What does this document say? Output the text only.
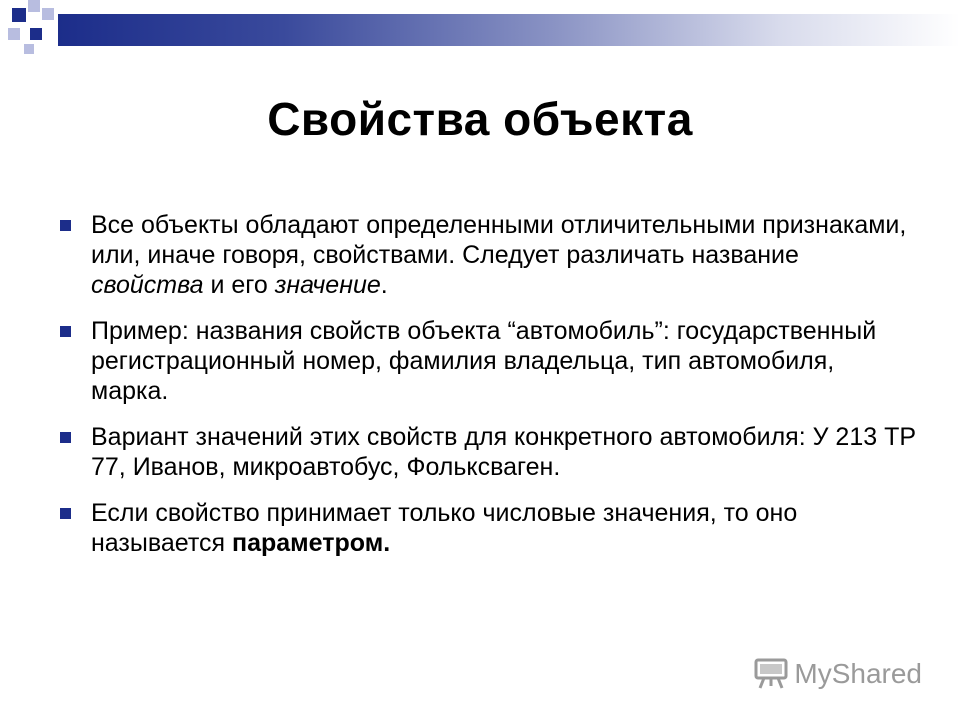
Свойства объекта
Все объекты обладают определенными отличительными признаками, или, иначе говоря, свойствами. Следует различать название свойства и его значение.
Пример: названия свойств объекта “автомобиль”: государственный регистрационный номер, фамилия владельца, тип автомобиля, марка.
Вариант значений этих свойств для конкретного автомобиля: У 213 ТР 77, Иванов, микроавтобус, Фольксваген.
Если свойство принимает только числовые значения, то оно называется параметром.
MyShared
